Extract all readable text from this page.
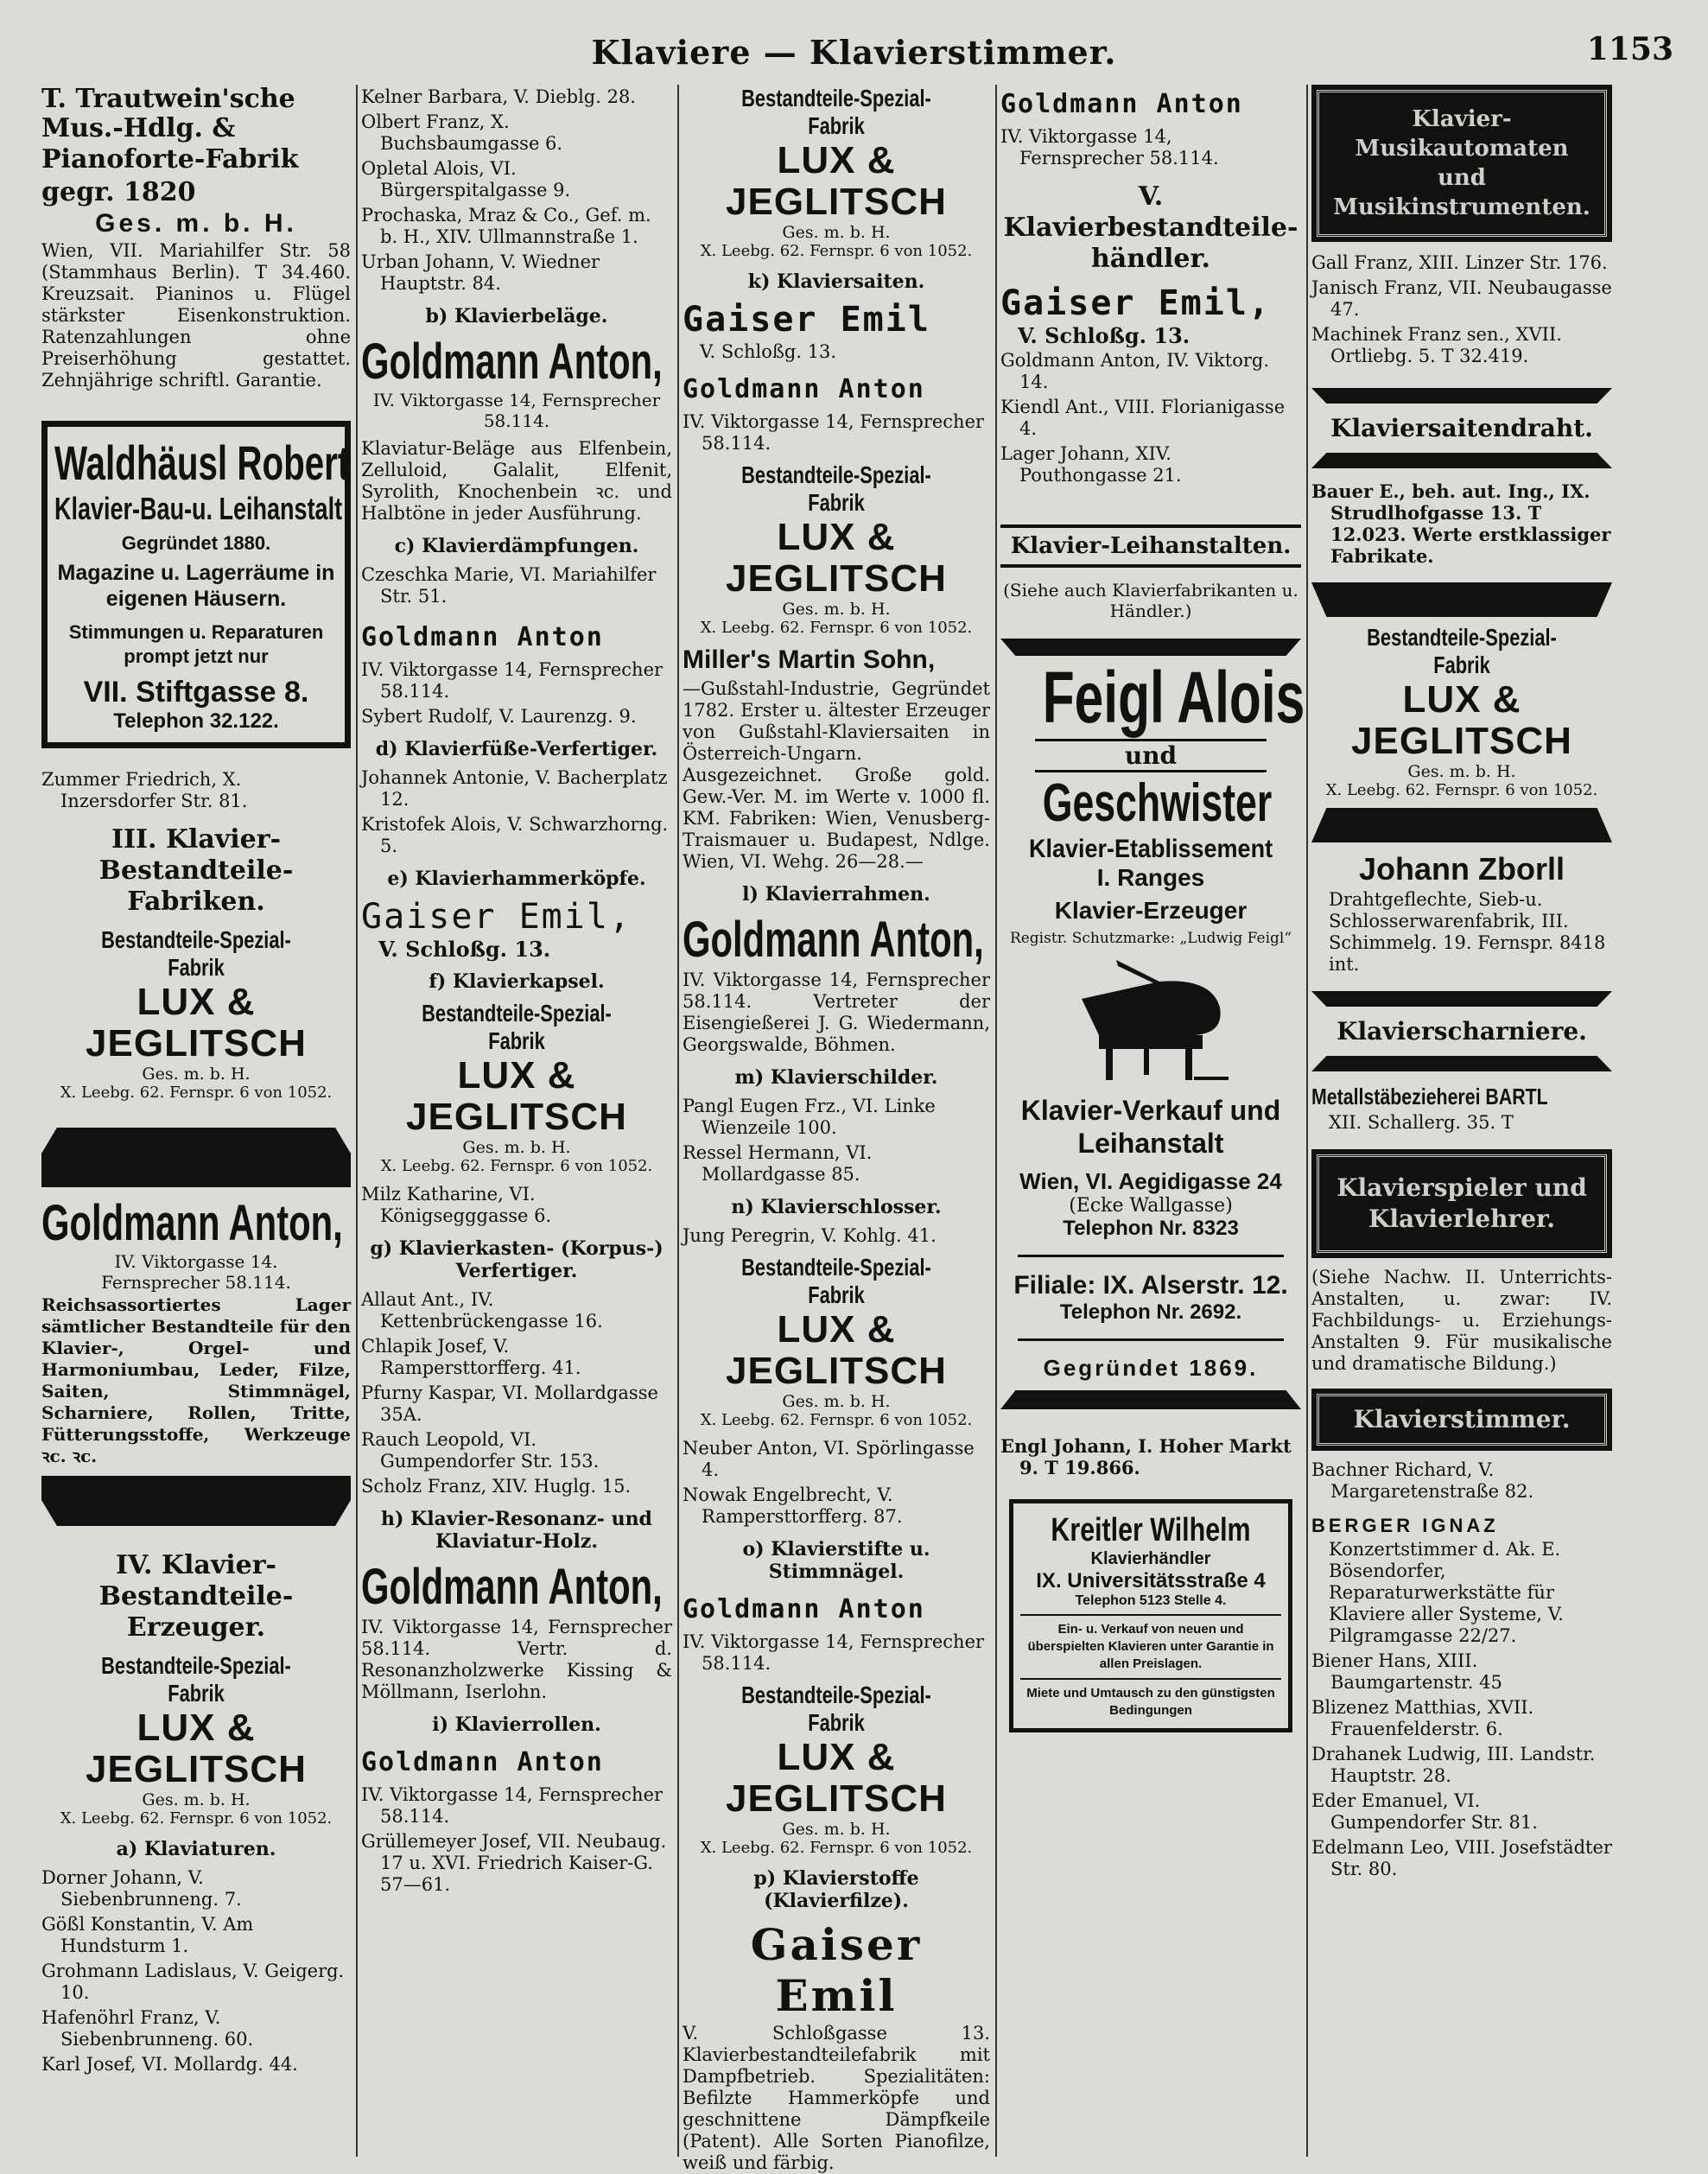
Klaviere — Klavierstimmer.	1153
T. Trautwein'sche Mus.-Hdlg. &
Pianoforte-Fabrik gegr. 1820
Ges. m. b. H.
Wien, VII. Mariahilfer Str. 58 (Stammhaus Berlin). T 34.460. Kreuzsait. Pianinos u. Flügel stärkster Eisenkonstruktion. Ratenzahlungen ohne Preiserhöhung gestattet. Zehnjährige schriftl. Garantie.
Waldhäusl Robert
Klavier-Bau-u. Leihanstalt
Gegründet 1880.
Magazine u. Lagerräume in eigenen Häusern.
Stimmungen u. Reparaturen prompt jetzt nur
VII. Stiftgasse 8.
Telephon 32.122.
Zummer Friedrich, X. Inzersdorfer Str. 81.
III. Klavier-Bestandteile-Fabriken.
Bestandteile-Spezial-Fabrik
LUX & JEGLITSCH
Ges. m. b. H.
X. Leebg. 62. Fernspr. 6 von 1052.
Goldmann Anton,
IV. Viktorgasse 14.
Fernsprecher 58.114.
Reichsassortiertes Lager sämtlicher Bestandteile für den Klavier-, Orgel- und Harmoniumbau, Leder, Filze, Saiten, Stimmnägel, Scharniere, Rollen, Tritte, Fütterungsstoffe, Werkzeuge ꝛc. ꝛc.
IV. Klavier-Bestandteile-Erzeuger.
Bestandteile-Spezial-Fabrik
LUX & JEGLITSCH
Ges. m. b. H.
X. Leebg. 62. Fernspr. 6 von 1052.
a) Klaviaturen.
Dorner Johann, V. Siebenbrunneng. 7.
Gößl Konstantin, V. Am Hundsturm 1.
Grohmann Ladislaus, V. Geigerg. 10.
Hafenöhrl Franz, V. Siebenbrunneng. 60.
Karl Josef, VI. Mollardg. 44.
Kelner Barbara, V. Dieblg. 28.
Olbert Franz, X. Buchsbaumgasse 6.
Opletal Alois, VI. Bürgerspitalgasse 9.
Prochaska, Mraz & Co., Gef. m. b. H., XIV. Ullmannstraße 1.
Urban Johann, V. Wiedner Hauptstr. 84.
b) Klavierbeläge.
Goldmann Anton,
IV. Viktorgasse 14, Fernsprecher 58.114.
Klaviatur-Beläge aus Elfenbein, Zelluloid, Galalit, Elfenit, Syrolith, Knochenbein ꝛc. und Halbtöne in jeder Ausführung.
c) Klavierdämpfungen.
Czeschka Marie, VI. Mariahilfer Str. 51.
Goldmann Anton
IV. Viktorgasse 14, Fernsprecher 58.114.
Sybert Rudolf, V. Laurenzg. 9.
d) Klavierfüße-Verfertiger.
Johannek Antonie, V. Bacherplatz 12.
Kristofek Alois, V. Schwarzhorng. 5.
e) Klavierhammerköpfe.
Gaiser Emil,
V. Schloßg. 13.
f) Klavierkapsel.
Bestandteile-Spezial-Fabrik
LUX & JEGLITSCH
Ges. m. b. H.
X. Leebg. 62. Fernspr. 6 von 1052.
Milz Katharine, VI. Königsegggasse 6.
g) Klavierkasten- (Korpus-) Verfertiger.
Allaut Ant., IV. Kettenbrückengasse 16.
Chlapik Josef, V. Rampersttorfferg. 41.
Pfurny Kaspar, VI. Mollardgasse 35A.
Rauch Leopold, VI. Gumpendorfer Str. 153.
Scholz Franz, XIV. Huglg. 15.
h) Klavier-Resonanz- und Klaviatur-Holz.
Goldmann Anton,
IV. Viktorgasse 14, Fernsprecher 58.114. Vertr. d. Resonanzholzwerke Kissing & Möllmann, Iserlohn.
i) Klavierrollen.
Goldmann Anton
IV. Viktorgasse 14, Fernsprecher 58.114.
Grüllemeyer Josef, VII. Neubaug. 17 u. XVI. Friedrich Kaiser-G. 57—61.
Bestandteile-Spezial-Fabrik
LUX & JEGLITSCH
Ges. m. b. H.
X. Leebg. 62. Fernspr. 6 von 1052.
k) Klaviersaiten.
Gaiser Emil
V. Schloßg. 13.
Goldmann Anton
IV. Viktorgasse 14, Fernsprecher 58.114.
Bestandteile-Spezial-Fabrik
LUX & JEGLITSCH
Ges. m. b. H.
X. Leebg. 62. Fernspr. 6 von 1052.
Miller's Martin Sohn,
—Gußstahl-Industrie, Gegründet 1782. Erster u. ältester Erzeuger von Gußstahl-Klaviersaiten in Österreich-Ungarn. Ausgezeichnet. Große gold. Gew.-Ver. M. im Werte v. 1000 fl. KM. Fabriken: Wien, Venusberg-Traismauer u. Budapest, Ndlge. Wien, VI. Wehg. 26—28.—
l) Klavierrahmen.
Goldmann Anton,
IV. Viktorgasse 14, Fernsprecher 58.114. Vertreter der Eisengießerei J. G. Wiedermann, Georgswalde, Böhmen.
m) Klavierschilder.
Pangl Eugen Frz., VI. Linke Wienzeile 100.
Ressel Hermann, VI. Mollardgasse 85.
n) Klavierschlosser.
Jung Peregrin, V. Kohlg. 41.
Bestandteile-Spezial-Fabrik
LUX & JEGLITSCH
Ges. m. b. H.
X. Leebg. 62. Fernspr. 6 von 1052.
Neuber Anton, VI. Spörlingasse 4.
Nowak Engelbrecht, V. Rampersttorfferg. 87.
o) Klavierstifte u. Stimmnägel.
Goldmann Anton
IV. Viktorgasse 14, Fernsprecher 58.114.
Bestandteile-Spezial-Fabrik
LUX & JEGLITSCH
Ges. m. b. H.
X. Leebg. 62. Fernspr. 6 von 1052.
p) Klavierstoffe (Klavierfilze).
Gaiser Emil
V. Schloßgasse 13. Klavierbestandteilefabrik mit Dampfbetrieb. Spezialitäten: Befilzte Hammerköpfe und geschnittene Dämpfkeile (Patent). Alle Sorten Pianofilze, weiß und färbig.
Goldmann Anton
IV. Viktorgasse 14, Fernsprecher 58.114.
V. Klavierbestandteile-händler.
Gaiser Emil,
V. Schloßg. 13.
Goldmann Anton, IV. Viktorg. 14.
Kiendl Ant., VIII. Florianigasse 4.
Lager Johann, XIV. Pouthongasse 21.
Klavier-Leihanstalten.
(Siehe auch Klavierfabrikanten u. Händler.)
Feigl Alois
und
Geschwister
Klavier-Etablissement
I. Ranges
Klavier-Erzeuger
Registr. Schutzmarke: „Ludwig Feigl“
Klavier-Verkauf und Leihanstalt
Wien, VI. Aegidigasse 24
(Ecke Wallgasse)
Telephon Nr. 8323
Filiale: IX. Alserstr. 12.
Telephon Nr. 2692.
Gegründet 1869.
Engl Johann, I. Hoher Markt 9. T 19.866.
Kreitler Wilhelm
Klavierhändler
IX. Universitätsstraße 4
Telephon 5123 Stelle 4.
Ein- u. Verkauf von neuen und überspielten Klavieren unter Garantie in allen Preislagen.
Miete und Umtausch zu den günstigsten Bedingungen
Klavier-Musikautomaten und Musikinstrumenten.
Gall Franz, XIII. Linzer Str. 176.
Janisch Franz, VII. Neubaugasse 47.
Machinek Franz sen., XVII. Ortliebg. 5. T 32.419.
Klaviersaitendraht.
Bauer E., beh. aut. Ing., IX. Strudlhofgasse 13. T 12.023. Werte erstklassiger Fabrikate.
Bestandteile-Spezial-Fabrik
LUX & JEGLITSCH
Ges. m. b. H.
X. Leebg. 62. Fernspr. 6 von 1052.
Johann Zborll
Drahtgeflechte, Sieb-u. Schlosserwarenfabrik, III. Schimmelg. 19. Fernspr. 8418 int.
Klavierscharniere.
Metallstäbezieherei BARTL
XII. Schallerg. 35. T
Klavierspieler und Klavierlehrer.
(Siehe Nachw. II. Unterrichts-Anstalten, u. zwar: IV. Fachbildungs- u. Erziehungs-Anstalten 9. Für musikalische und dramatische Bildung.)
Klavierstimmer.
Bachner Richard, V. Margaretenstraße 82.
BERGER IGNAZ
Konzertstimmer d. Ak. E. Bösendorfer, Reparaturwerkstätte für Klaviere aller Systeme, V. Pilgramgasse 22/27.
Biener Hans, XIII. Baumgartenstr. 45
Blizenez Matthias, XVII. Frauenfelderstr. 6.
Drahanek Ludwig, III. Landstr. Hauptstr. 28.
Eder Emanuel, VI. Gumpendorfer Str. 81.
Edelmann Leo, VIII. Josefstädter Str. 80.
